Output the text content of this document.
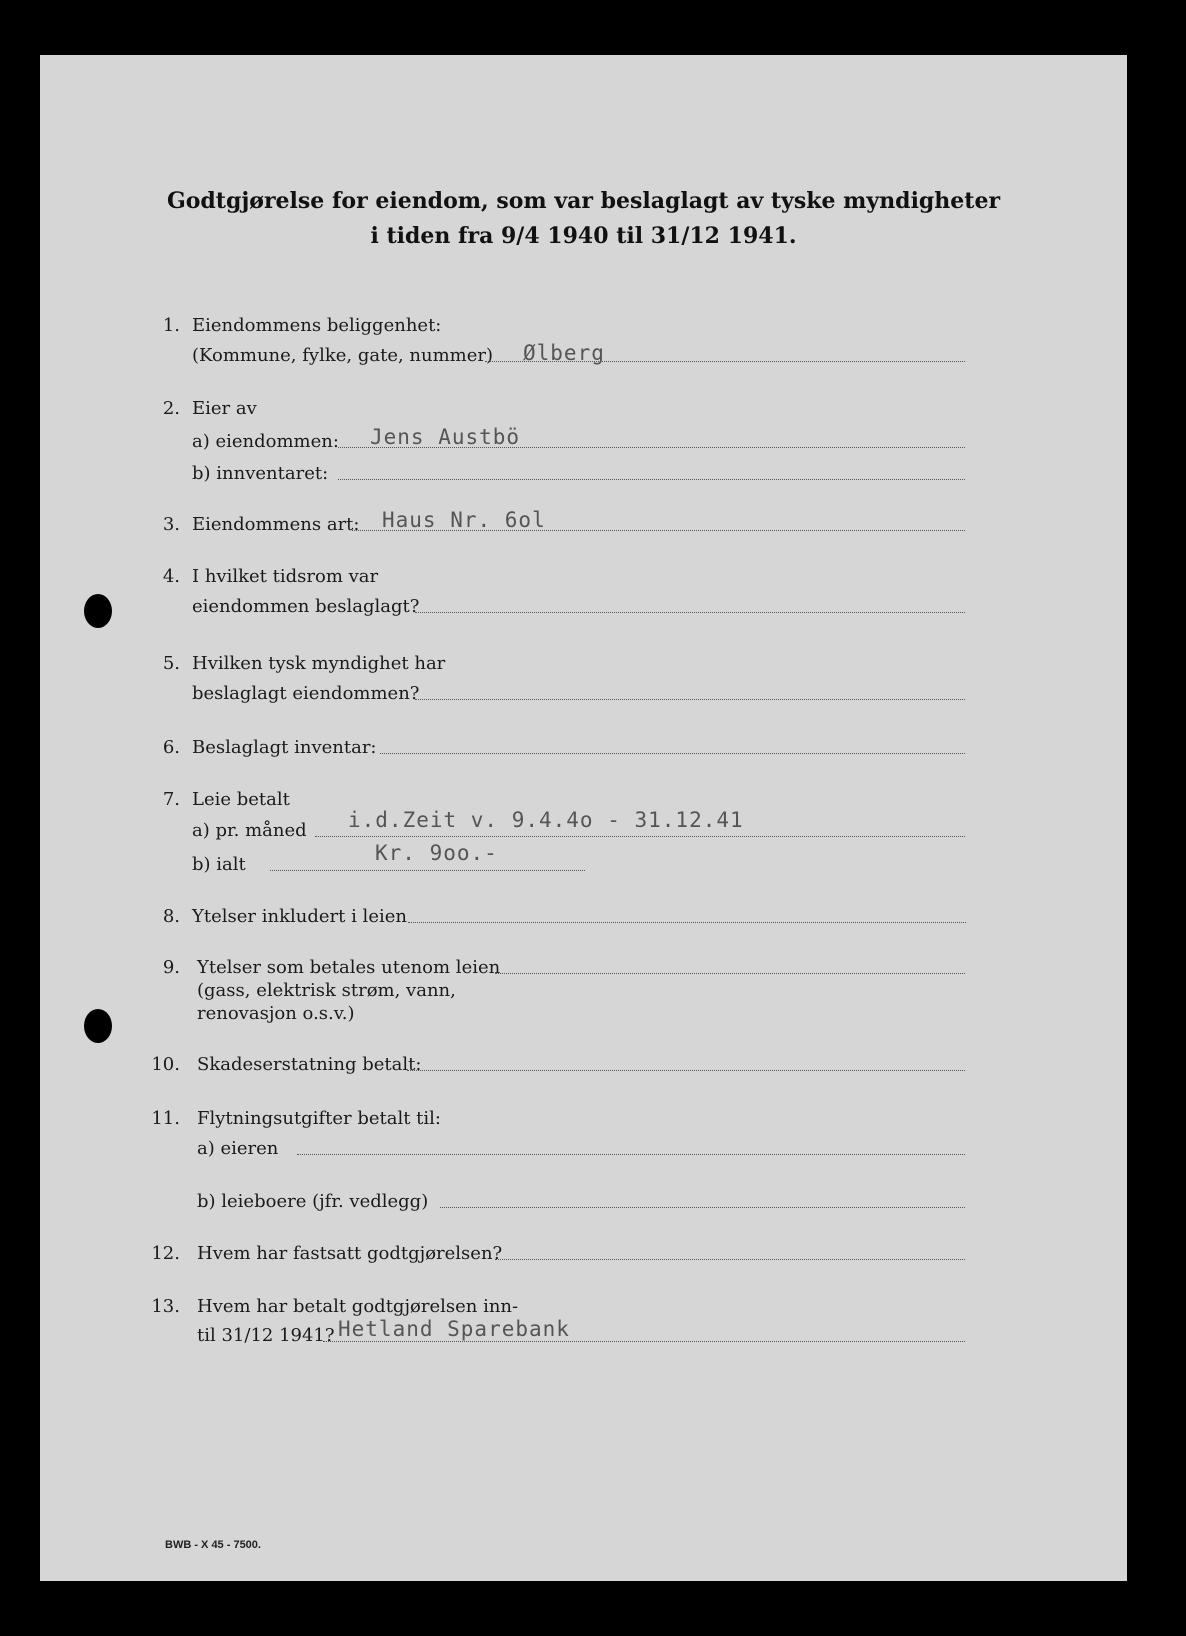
Godtgjørelse for eiendom, som var beslaglagt av tyske myndigheter
i tiden fra 9/4 1940 til 31/12 1941.
1. Eiendommens beliggenhet:
(Kommune, fylke, gate, nummer) Ølberg
2. Eier av
a) eiendommen: Jens Austbö
b) innventaret:
3. Eiendommens art: Haus Nr. 6ol
4. I hvilket tidsrom var
eiendommen beslaglagt?
5. Hvilken tysk myndighet har
beslaglagt eiendommen?
6. Beslaglagt inventar:
7. Leie betalt
a) pr. måned i.d.Zeit v. 9.4.4o - 31.12.41
b) ialt	Kr. 9oo.-
8. Ytelser inkludert i leien
9. Ytelser som betales utenom leien
(gass, elektrisk strøm, vann,
renovasjon o.s.v.)
10. Skadeserstatning betalt:
11. Flytningsutgifter betalt til:
a) eieren
b) leieboere (jfr. vedlegg)
12. Hvem har fastsatt godtgjørelsen?
13. Hvem har betalt godtgjørelsen inn-
til 31/12 1941? Hetland Sparebank
BWB - X 45 - 7500.
